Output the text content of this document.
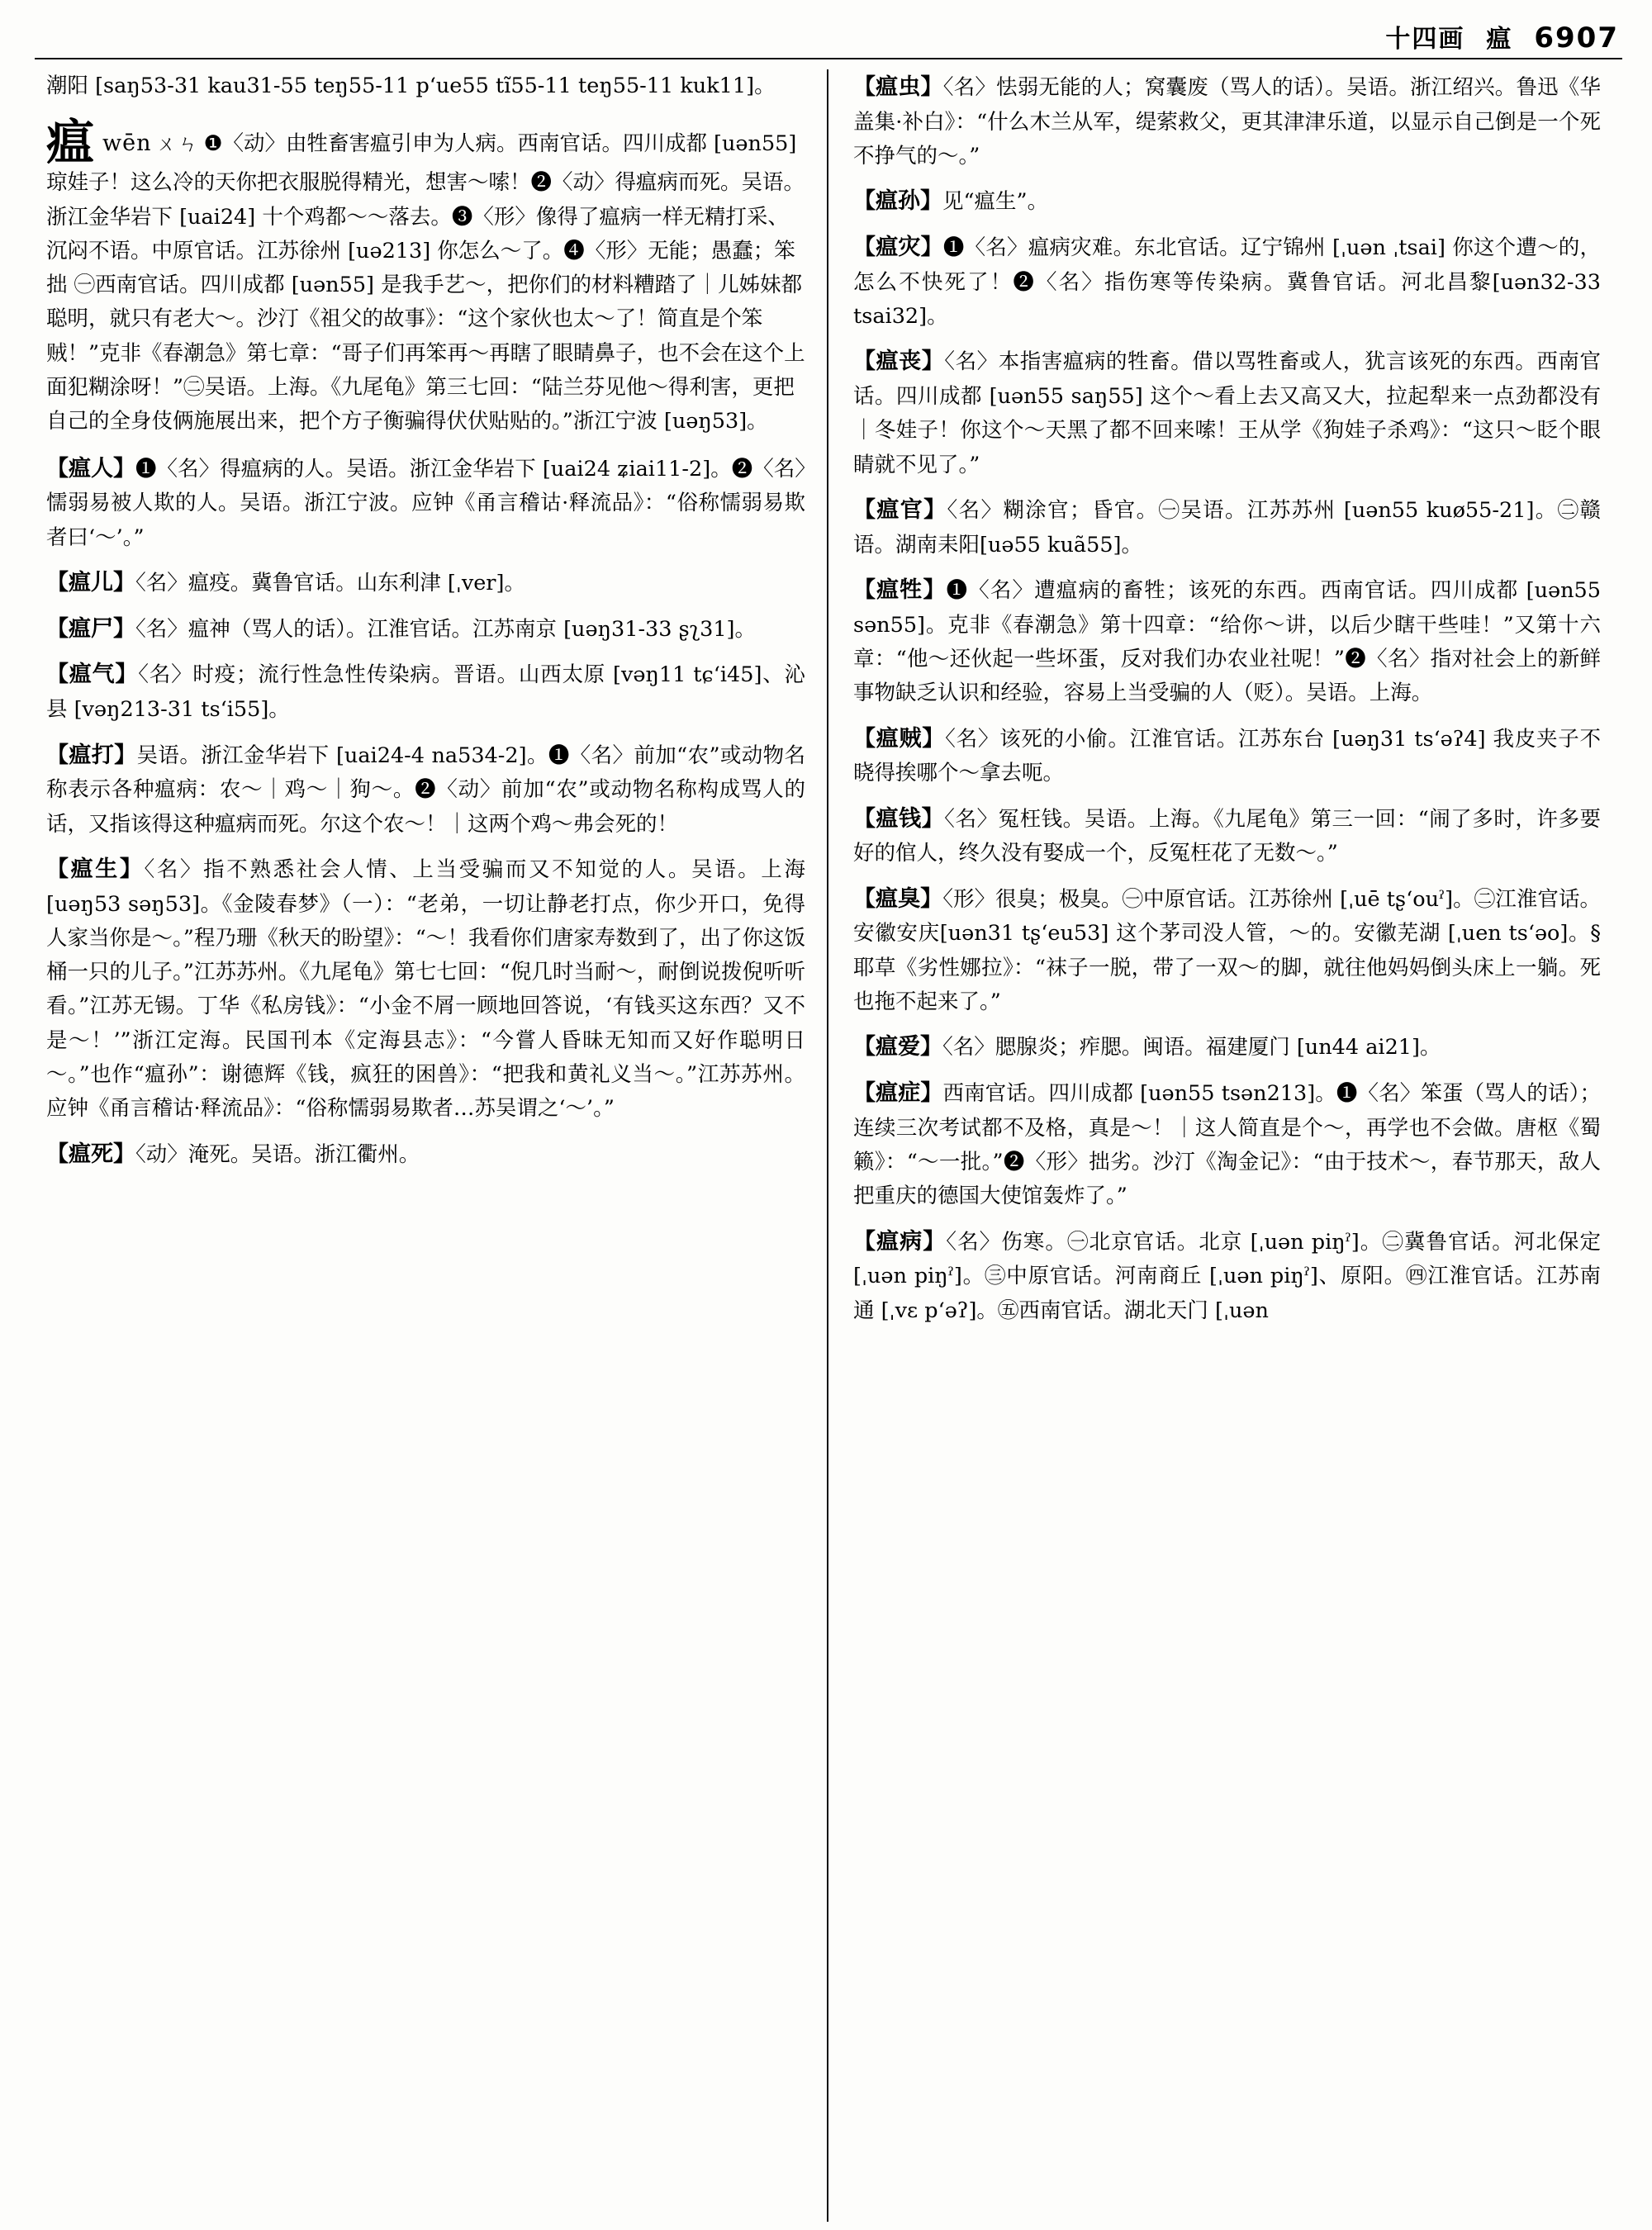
十四画 瘟 6907
潮阳 [saŋ53-31 kau31-55 teŋ55-11 pʻue55 tĩ55-11 teŋ55-11 kuk11]。
瘟wēn ㄨㄣ ❶〈动〉由牲畜害瘟引申为人病。西南官话。四川成都 [uən55] 琼娃子！这么冷的天你把衣服脱得精光，想害～嗦！❷〈动〉得瘟病而死。吴语。浙江金华岩下 [uai24] 十个鸡都～～落去。❸〈形〉像得了瘟病一样无精打采、沉闷不语。中原官话。江苏徐州 [uə213] 你怎么～了。❹〈形〉无能；愚蠢；笨拙 ㊀西南官话。四川成都 [uən55] 是我手艺～，把你们的材料糟踏了｜儿姊妹都聪明，就只有老大～。沙汀《祖父的故事》：“这个家伙也太～了！简直是个笨贼！”克非《春潮急》第七章：“哥子们再笨再～再瞎了眼睛鼻子，也不会在这个上面犯糊涂呀！”㊁吴语。上海。《九尾龟》第三七回：“陆兰芬见他～得利害，更把自己的全身伎俩施展出来，把个方子衡骗得伏伏贴贴的。”浙江宁波 [uəŋ53]。
【瘟人】❶〈名〉得瘟病的人。吴语。浙江金华岩下 [uai24 ʑiai11-2]。❷〈名〉懦弱易被人欺的人。吴语。浙江宁波。应钟《甬言稽诂·释流品》：“俗称懦弱易欺者曰‘～’。”
【瘟儿】〈名〉瘟疫。冀鲁官话。山东利津 [ˌver]。
【瘟尸】〈名〉瘟神（骂人的话）。江淮官话。江苏南京 [uəŋ31-33 ʂʅ31]。
【瘟气】〈名〉时疫；流行性急性传染病。晋语。山西太原 [vəŋ11 tɕʻi45]、沁县 [vəŋ213-31 tsʻi55]。
【瘟打】吴语。浙江金华岩下 [uai24-4 na534-2]。❶〈名〉前加“农”或动物名称表示各种瘟病：农～｜鸡～｜狗～。❷〈动〉前加“农”或动物名称构成骂人的话，又指该得这种瘟病而死。尔这个农～！｜这两个鸡～弗会死的！
【瘟生】〈名〉指不熟悉社会人情、上当受骗而又不知觉的人。吴语。上海 [uəŋ53 səŋ53]。《金陵春梦》（一）：“老弟，一切让静老打点，你少开口，免得人家当你是～。”程乃珊《秋天的盼望》：“～！我看你们唐家寿数到了，出了你这饭桶一只的儿子。”江苏苏州。《九尾龟》第七七回：“倪几时当耐～，耐倒说拨倪听听看。”江苏无锡。丁华《私房钱》：“小金不屑一顾地回答说，‘有钱买这东西？又不是～！’”浙江定海。民国刊本《定海县志》：“今嘗人昏昧无知而又好作聪明日～。”也作“瘟孙”：谢德辉《钱，疯狂的困兽》：“把我和黄礼义当～。”江苏苏州。应钟《甬言稽诂·释流品》：“俗称懦弱易欺者…苏吴谓之‘～’。”
【瘟死】〈动〉淹死。吴语。浙江衢州。
【瘟虫】〈名〉怯弱无能的人；窝囊废（骂人的话）。吴语。浙江绍兴。鲁迅《华盖集·补白》：“什么木兰从军，缇萦救父，更其津津乐道，以显示自己倒是一个死不挣气的～。”
【瘟孙】见“瘟生”。
【瘟灾】❶〈名〉瘟病灾难。东北官话。辽宁锦州 [ˌuən ˌtsai] 你这个遭～的，怎么不快死了！❷〈名〉指伤寒等传染病。冀鲁官话。河北昌黎[uən32-33 tsai32]。
【瘟丧】〈名〉本指害瘟病的牲畜。借以骂牲畜或人，犹言该死的东西。西南官话。四川成都 [uən55 saŋ55] 这个～看上去又高又大，拉起犁来一点劲都没有｜冬娃子！你这个～天黑了都不回来嗦！王从学《狗娃子杀鸡》：“这只～眨个眼睛就不见了。”
【瘟官】〈名〉糊涂官；昏官。㊀吴语。江苏苏州 [uən55 kuø55-21]。㊁赣语。湖南耒阳[uə55 kuã55]。
【瘟牲】❶〈名〉遭瘟病的畜牲；该死的东西。西南官话。四川成都 [uən55 sən55]。克非《春潮急》第十四章：“给你～讲，以后少瞎干些哇！”又第十六章：“他～还伙起一些坏蛋，反对我们办农业社呢！”❷〈名〉指对社会上的新鲜事物缺乏认识和经验，容易上当受骗的人（贬）。吴语。上海。
【瘟贼】〈名〉该死的小偷。江淮官话。江苏东台 [uəŋ31 tsʻəʔ4] 我皮夹子不晓得挨哪个～拿去呃。
【瘟钱】〈名〉冤枉钱。吴语。上海。《九尾龟》第三一回：“闹了多时，许多要好的倌人，终久没有娶成一个，反冤枉花了无数～。”
【瘟臭】〈形〉很臭；极臭。㊀中原官话。江苏徐州 [ˌuē tʂʻouˀ]。㊁江淮官话。安徽安庆[uən31 tʂʻeu53] 这个茅司没人管，～的。安徽芜湖 [ˌuen tsʻəo]。§耶草《劣性娜拉》：“袜子一脱，带了一双～的脚，就往他妈妈倒头床上一躺。死也拖不起来了。”
【瘟爱】〈名〉腮腺炎；痄腮。闽语。福建厦门 [un44 ai21]。
【瘟症】西南官话。四川成都 [uən55 tsən213]。❶〈名〉笨蛋（骂人的话）；连续三次考试都不及格，真是～！｜这人简直是个～，再学也不会做。唐枢《蜀籁》：“～一批。”❷〈形〉拙劣。沙汀《淘金记》：“由于技术～，春节那天，敌人把重庆的德国大使馆轰炸了。”
【瘟病】〈名〉伤寒。㊀北京官话。北京 [ˌuən piŋˀ]。㊁冀鲁官话。河北保定 [ˌuən piŋˀ]。㊂中原官话。河南商丘 [ˌuən piŋˀ]、原阳。㊃江淮官话。江苏南通 [ˌvɛ pʻəʔ]。㊄西南官话。湖北天门 [ˌuən
